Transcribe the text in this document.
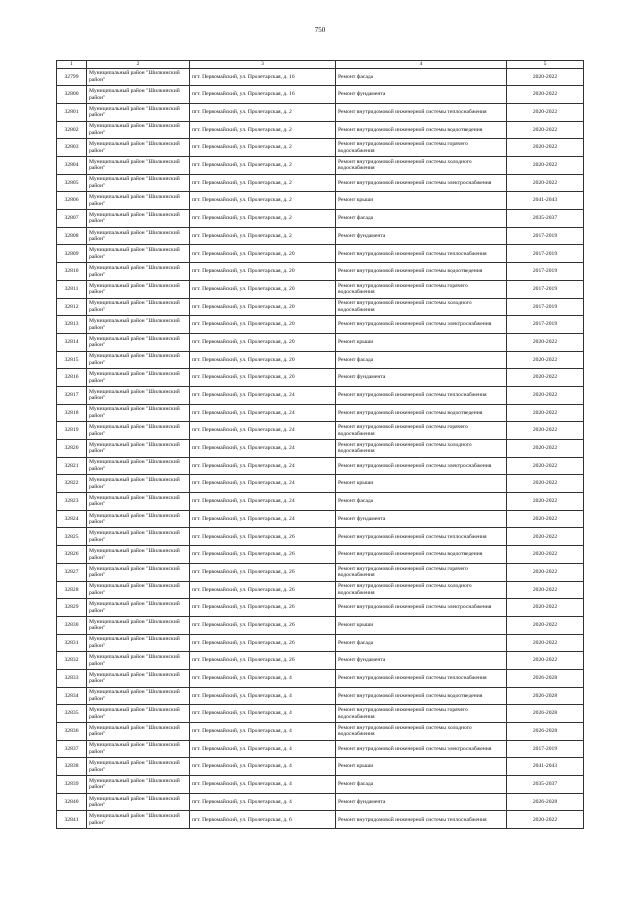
750
1	2	3	4	5
32799	Муниципальный район "Шилкинский район"	пгт. Первомайский, ул. Пролетарская, д. 16	Ремонт фасада	2020-2022
32800	Муниципальный район "Шилкинский район"	пгт. Первомайский, ул. Пролетарская, д. 16	Ремонт фундамента	2020-2022
32801	Муниципальный район "Шилкинский район"	пгт. Первомайский, ул. Пролетарская, д. 2	Ремонт внутридомовой инженерной системы теплоснабжения	2020-2022
32802	Муниципальный район "Шилкинский район"	пгт. Первомайский, ул. Пролетарская, д. 2	Ремонт внутридомовой инженерной системы водоотведения	2020-2022
32803	Муниципальный район "Шилкинский район"	пгт. Первомайский, ул. Пролетарская, д. 2	Ремонт внутридомовой инженерной системы горячего водоснабжения	2020-2022
32804	Муниципальный район "Шилкинский район"	пгт. Первомайский, ул. Пролетарская, д. 2	Ремонт внутридомовой инженерной системы холодного водоснабжения	2020-2022
32805	Муниципальный район "Шилкинский район"	пгт. Первомайский, ул. Пролетарская, д. 2	Ремонт внутридомовой инженерной системы электроснабжения	2020-2022
32806	Муниципальный район "Шилкинский район"	пгт. Первомайский, ул. Пролетарская, д. 2	Ремонт крыши	2041-2043
32807	Муниципальный район "Шилкинский район"	пгт. Первомайский, ул. Пролетарская, д. 2	Ремонт фасада	2035-2037
32808	Муниципальный район "Шилкинский район"	пгт. Первомайский, ул. Пролетарская, д. 2	Ремонт фундамента	2017-2019
32809	Муниципальный район "Шилкинский район"	пгт. Первомайский, ул. Пролетарская, д. 20	Ремонт внутридомовой инженерной системы теплоснабжения	2017-2019
32810	Муниципальный район "Шилкинский район"	пгт. Первомайский, ул. Пролетарская, д. 20	Ремонт внутридомовой инженерной системы водоотведения	2017-2019
32811	Муниципальный район "Шилкинский район"	пгт. Первомайский, ул. Пролетарская, д. 20	Ремонт внутридомовой инженерной системы горячего водоснабжения	2017-2019
32812	Муниципальный район "Шилкинский район"	пгт. Первомайский, ул. Пролетарская, д. 20	Ремонт внутридомовой инженерной системы холодного водоснабжения	2017-2019
32813	Муниципальный район "Шилкинский район"	пгт. Первомайский, ул. Пролетарская, д. 20	Ремонт внутридомовой инженерной системы электроснабжения	2017-2019
32814	Муниципальный район "Шилкинский район"	пгт. Первомайский, ул. Пролетарская, д. 20	Ремонт крыши	2020-2022
32815	Муниципальный район "Шилкинский район"	пгт. Первомайский, ул. Пролетарская, д. 20	Ремонт фасада	2020-2022
32816	Муниципальный район "Шилкинский район"	пгт. Первомайский, ул. Пролетарская, д. 20	Ремонт фундамента	2020-2022
32817	Муниципальный район "Шилкинский район"	пгт. Первомайский, ул. Пролетарская, д. 24	Ремонт внутридомовой инженерной системы теплоснабжения	2020-2022
32818	Муниципальный район "Шилкинский район"	пгт. Первомайский, ул. Пролетарская, д. 24	Ремонт внутридомовой инженерной системы водоотведения	2020-2022
32819	Муниципальный район "Шилкинский район"	пгт. Первомайский, ул. Пролетарская, д. 24	Ремонт внутридомовой инженерной системы горячего водоснабжения	2020-2022
32820	Муниципальный район "Шилкинский район"	пгт. Первомайский, ул. Пролетарская, д. 24	Ремонт внутридомовой инженерной системы холодного водоснабжения	2020-2022
32821	Муниципальный район "Шилкинский район"	пгт. Первомайский, ул. Пролетарская, д. 24	Ремонт внутридомовой инженерной системы электроснабжения	2020-2022
32822	Муниципальный район "Шилкинский район"	пгт. Первомайский, ул. Пролетарская, д. 24	Ремонт крыши	2020-2022
32823	Муниципальный район "Шилкинский район"	пгт. Первомайский, ул. Пролетарская, д. 24	Ремонт фасада	2020-2022
32824	Муниципальный район "Шилкинский район"	пгт. Первомайский, ул. Пролетарская, д. 24	Ремонт фундамента	2020-2022
32825	Муниципальный район "Шилкинский район"	пгт. Первомайский, ул. Пролетарская, д. 26	Ремонт внутридомовой инженерной системы теплоснабжения	2020-2022
32826	Муниципальный район "Шилкинский район"	пгт. Первомайский, ул. Пролетарская, д. 26	Ремонт внутридомовой инженерной системы водоотведения	2020-2022
32827	Муниципальный район "Шилкинский район"	пгт. Первомайский, ул. Пролетарская, д. 26	Ремонт внутридомовой инженерной системы горячего водоснабжения	2020-2022
32828	Муниципальный район "Шилкинский район"	пгт. Первомайский, ул. Пролетарская, д. 26	Ремонт внутридомовой инженерной системы холодного водоснабжения	2020-2022
32829	Муниципальный район "Шилкинский район"	пгт. Первомайский, ул. Пролетарская, д. 26	Ремонт внутридомовой инженерной системы электроснабжения	2020-2022
32830	Муниципальный район "Шилкинский район"	пгт. Первомайский, ул. Пролетарская, д. 26	Ремонт крыши	2020-2022
32831	Муниципальный район "Шилкинский район"	пгт. Первомайский, ул. Пролетарская, д. 26	Ремонт фасада	2020-2022
32832	Муниципальный район "Шилкинский район"	пгт. Первомайский, ул. Пролетарская, д. 26	Ремонт фундамента	2020-2022
32833	Муниципальный район "Шилкинский район"	пгт. Первомайский, ул. Пролетарская, д. 4	Ремонт внутридомовой инженерной системы теплоснабжения	2026-2028
32834	Муниципальный район "Шилкинский район"	пгт. Первомайский, ул. Пролетарская, д. 4	Ремонт внутридомовой инженерной системы водоотведения	2026-2028
32835	Муниципальный район "Шилкинский район"	пгт. Первомайский, ул. Пролетарская, д. 4	Ремонт внутридомовой инженерной системы горячего водоснабжения	2026-2028
32836	Муниципальный район "Шилкинский район"	пгт. Первомайский, ул. Пролетарская, д. 4	Ремонт внутридомовой инженерной системы холодного водоснабжения	2026-2028
32837	Муниципальный район "Шилкинский район"	пгт. Первомайский, ул. Пролетарская, д. 4	Ремонт внутридомовой инженерной системы электроснабжения	2017-2019
32838	Муниципальный район "Шилкинский район"	пгт. Первомайский, ул. Пролетарская, д. 4	Ремонт крыши	2041-2043
32839	Муниципальный район "Шилкинский район"	пгт. Первомайский, ул. Пролетарская, д. 4	Ремонт фасада	2035-2037
32840	Муниципальный район "Шилкинский район"	пгт. Первомайский, ул. Пролетарская, д. 4	Ремонт фундамента	2026-2028
32841	Муниципальный район "Шилкинский район"	пгт. Первомайский, ул. Пролетарская, д. 6	Ремонт внутридомовой инженерной системы теплоснабжения	2020-2022
